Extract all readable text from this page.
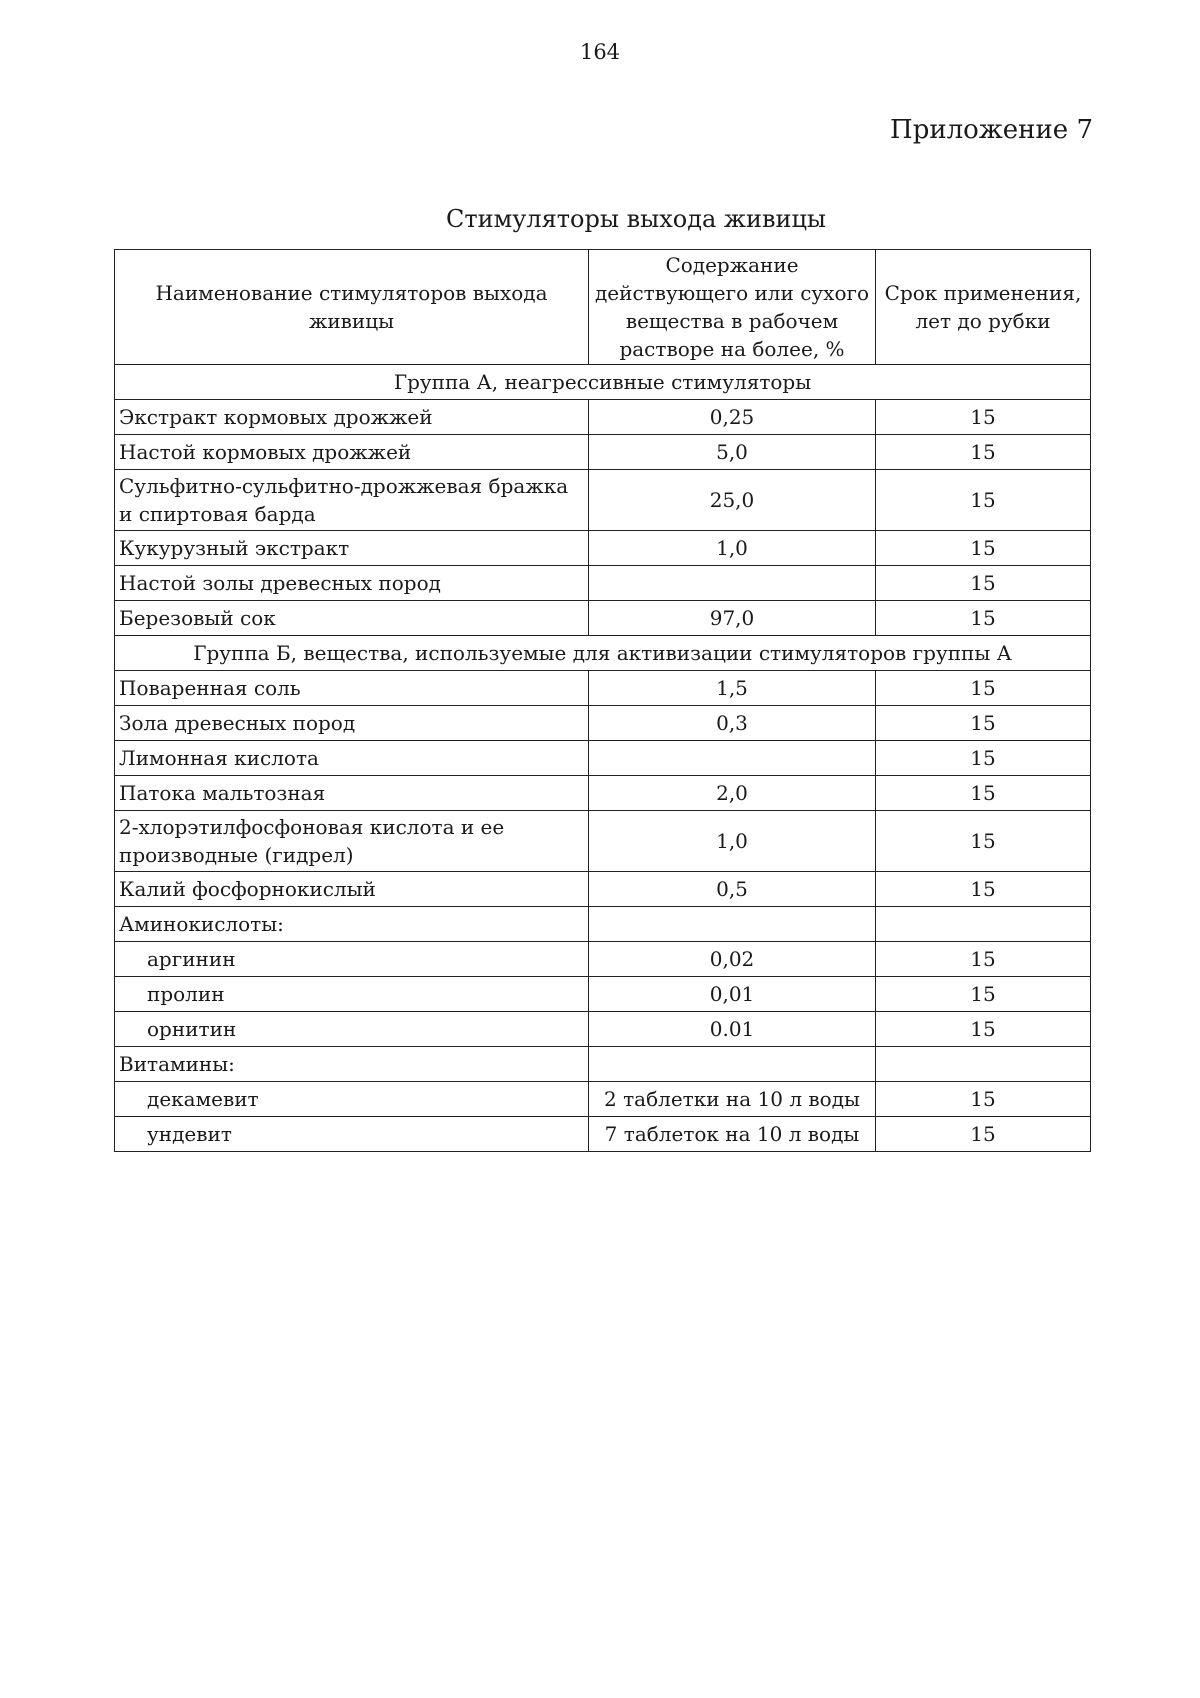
164
Приложение 7
Стимуляторы выхода живицы
Наименование стимуляторов выхода живицы	Содержание действующего или сухого вещества в рабочем растворе на более, %	Срок применения, лет до рубки
Группа А, неагрессивные стимуляторы		
Экстракт кормовых дрожжей	0,25	15
Настой кормовых дрожжей	5,0	15
Сульфитно-сульфитно-дрожжевая бражка и спиртовая барда	25,0	15
Кукурузный экстракт	1,0	15
Настой золы древесных пород		15
Березовый сок	97,0	15
Группа Б, вещества, используемые для активизации стимуляторов группы А		
Поваренная соль	1,5	15
Зола древесных пород	0,3	15
Лимонная кислота		15
Патока мальтозная	2,0	15
2-хлорэтилфосфоновая кислота и ее производные (гидрел)	1,0	15
Калий фосфорнокислый	0,5	15
Аминокислоты:		
аргинин	0,02	15
пролин	0,01	15
орнитин	0.01	15
Витамины:		
декамевит	2 таблетки на 10 л воды	15
ундевит	7 таблеток на 10 л воды	15
